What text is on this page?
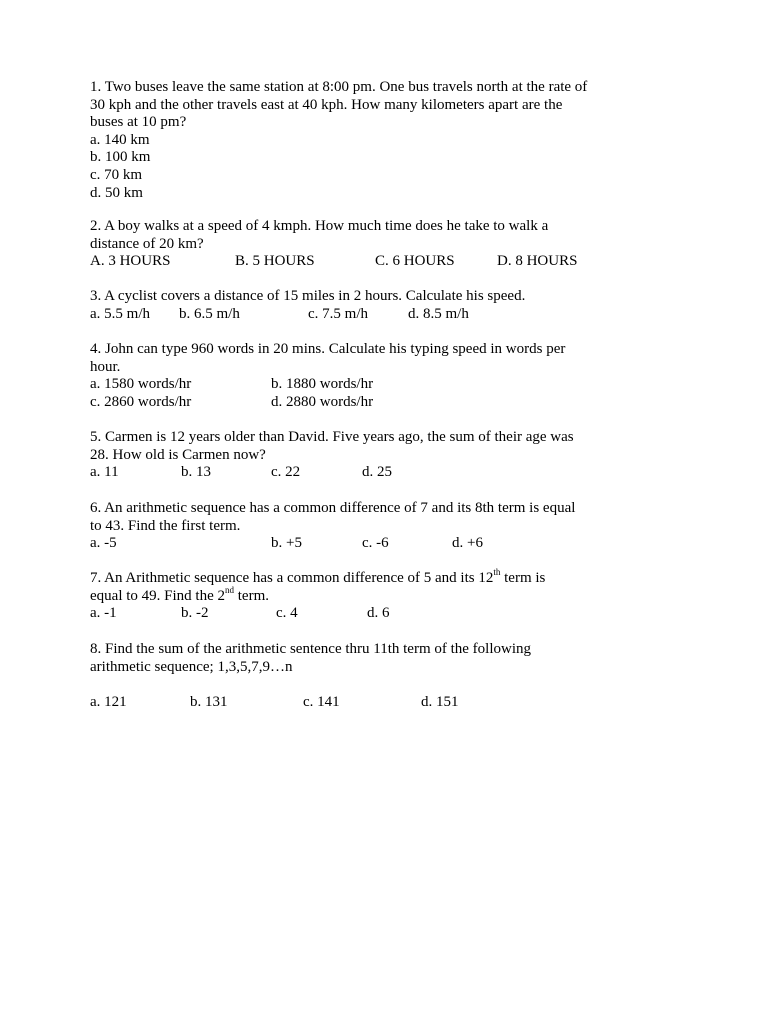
1. Two buses leave the same station at 8:00 pm. One bus travels north at the rate of
30 kph and the other travels east at 40 kph. How many kilometers apart are the
buses at 10 pm?
a. 140 km
b. 100 km
c. 70 km
d. 50 km
2. A boy walks at a speed of 4 kmph. How much time does he take to walk a
distance of 20 km?
A. 3 HOURS	B. 5 HOURS	C. 6 HOURS	D. 8 HOURS
3. A cyclist covers a distance of 15 miles in 2 hours. Calculate his speed.
a. 5.5 m/h b. 6.5 m/h	c. 7.5 m/h	d. 8.5 m/h
4. John can type 960 words in 20 mins. Calculate his typing speed in words per
hour.
a. 1580 words/hr	b. 1880 words/hr
c. 2860 words/hr	d. 2880 words/hr
5. Carmen is 12 years older than David. Five years ago, the sum of their age was
28. How old is Carmen now?
a. 11	b. 13	c. 22	d. 25
6. An arithmetic sequence has a common difference of 7 and its 8th term is equal
to 43. Find the first term.
a. -5	b. +5	c. -6	d. +6
7. An Arithmetic sequence has a common difference of 5 and its 12th term is
equal to 49. Find the 2nd term.
a. -1	b. -2	c. 4	d. 6
8. Find the sum of the arithmetic sentence thru 11th term of the following
arithmetic sequence; 1,3,5,7,9…n
a. 121	b. 131	c. 141	d. 151
